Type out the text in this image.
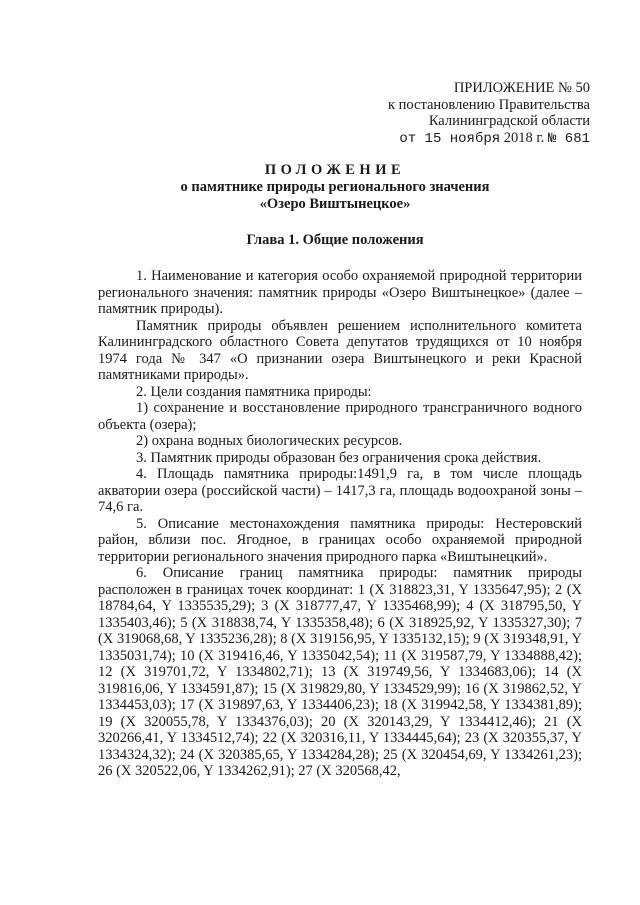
ПРИЛОЖЕНИЕ № 50
к постановлению Правительства
Калининградской области
от 15 ноября 2018 г. № 681
ПОЛОЖЕНИЕ
о памятнике природы регионального значения
«Озеро Виштынецкое»
Глава 1. Общие положения

1. Наименование и категория особо охраняемой природной территории регионального значения: памятник природы «Озеро Виштынецкое» (далее – памятник природы).

Памятник природы объявлен решением исполнительного комитета Калининградского областного Совета депутатов трудящихся от 10 ноября 1974 года № 347 «О признании озера Виштынецкого и реки Красной памятниками природы».

2. Цели создания памятника природы:

1) сохранение и восстановление природного трансграничного водного объекта (озера);

2) охрана водных биологических ресурсов.

3. Памятник природы образован без ограничения срока действия.

4. Площадь памятника природы:1491,9 га, в том числе площадь акватории озера (российской части) – 1417,3 га, площадь водоохраной зоны – 74,6 га.

5. Описание местонахождения памятника природы: Нестеровский район, вблизи пос. Ягодное, в границах особо охраняемой природной территории регионального значения природного парка «Виштынецкий».

6. Описание границ памятника природы: памятник природы расположен в границах точек координат: 1 (X 318823,31, Y 1335647,95); 2 (X 18784,64, Y 1335535,29); 3 (X 318777,47, Y 1335468,99); 4 (X 318795,50, Y 1335403,46); 5 (X 318838,74, Y 1335358,48); 6 (X 318925,92, Y 1335327,30); 7 (X 319068,68, Y 1335236,28); 8 (X 319156,95, Y 1335132,15); 9 (X 319348,91, Y 1335031,74); 10 (X 319416,46, Y 1335042,54); 11 (X 319587,79, Y 1334888,42); 12 (X 319701,72, Y 1334802,71); 13 (X 319749,56, Y 1334683,06); 14 (X 319816,06, Y 1334591,87); 15 (X 319829,80, Y 1334529,99); 16 (X 319862,52, Y 1334453,03); 17 (X 319897,63, Y 1334406,23); 18 (X 319942,58, Y 1334381,89); 19 (X 320055,78, Y 1334376,03); 20 (X 320143,29, Y 1334412,46); 21 (X 320266,41, Y 1334512,74); 22 (X 320316,11, Y 1334445,64); 23 (X 320355,37, Y 1334324,32); 24 (X 320385,65, Y 1334284,28); 25 (X 320454,69, Y 1334261,23); 26 (X 320522,06, Y 1334262,91); 27 (X 320568,42,
